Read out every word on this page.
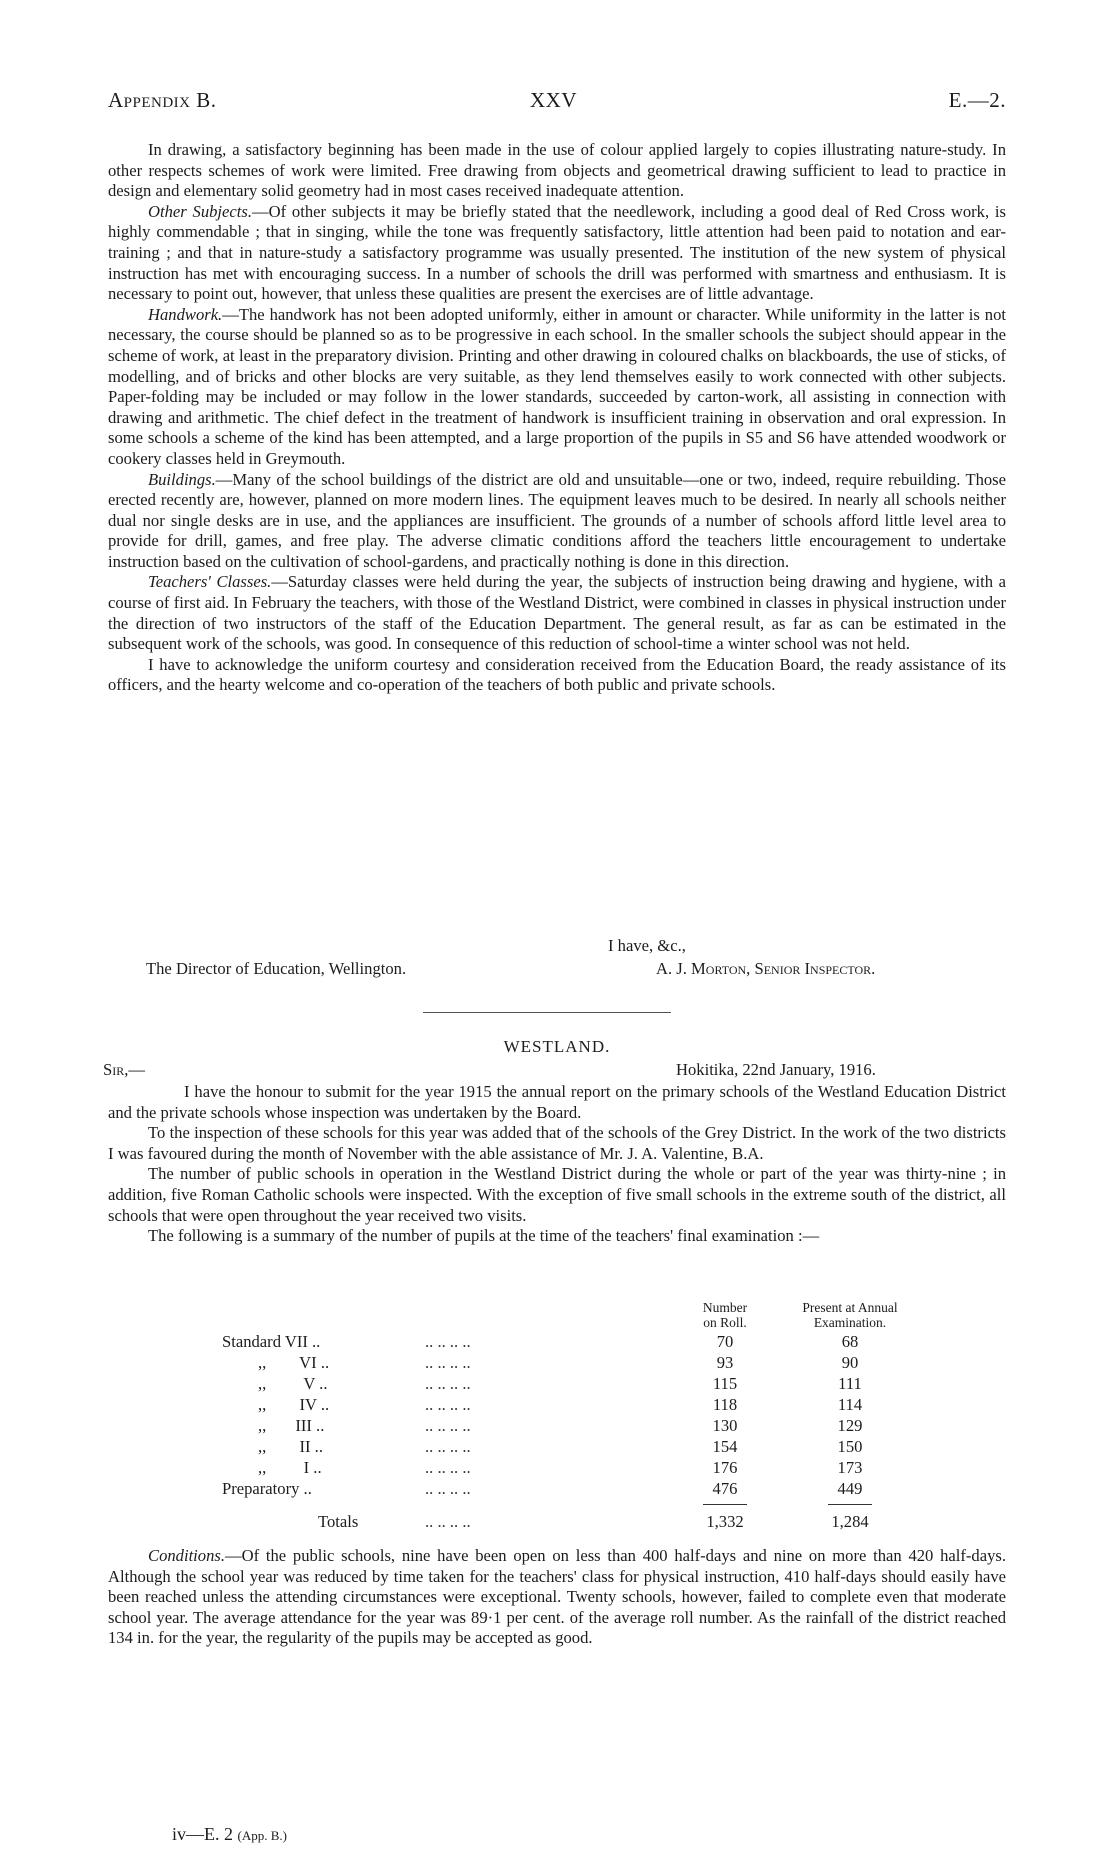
Appendix B.	XXV	E.—2.

In drawing, a satisfactory beginning has been made in the use of colour applied largely to copies illustrating nature-study. In other respects schemes of work were limited. Free drawing from objects and geometrical drawing sufficient to lead to practice in design and elementary solid geometry had in most cases received inadequate attention.

Other Subjects.—Of other subjects it may be briefly stated that the needlework, including a good deal of Red Cross work, is highly commendable ; that in singing, while the tone was frequently satisfactory, little attention had been paid to notation and ear-training ; and that in nature-study a satisfactory programme was usually presented. The institution of the new system of physical instruction has met with encouraging success. In a number of schools the drill was performed with smartness and enthusiasm. It is necessary to point out, however, that unless these qualities are present the exercises are of little advantage.

Handwork.—The handwork has not been adopted uniformly, either in amount or character. While uniformity in the latter is not necessary, the course should be planned so as to be progressive in each school. In the smaller schools the subject should appear in the scheme of work, at least in the preparatory division. Printing and other drawing in coloured chalks on blackboards, the use of sticks, of modelling, and of bricks and other blocks are very suitable, as they lend themselves easily to work connected with other subjects. Paper-folding may be included or may follow in the lower standards, succeeded by carton-work, all assisting in connection with drawing and arithmetic. The chief defect in the treatment of handwork is insufficient training in observation and oral expression. In some schools a scheme of the kind has been attempted, and a large proportion of the pupils in S5 and S6 have attended woodwork or cookery classes held in Greymouth.

Buildings.—Many of the school buildings of the district are old and unsuitable—one or two, indeed, require rebuilding. Those erected recently are, however, planned on more modern lines. The equipment leaves much to be desired. In nearly all schools neither dual nor single desks are in use, and the appliances are insufficient. The grounds of a number of schools afford little level area to provide for drill, games, and free play. The adverse climatic conditions afford the teachers little encouragement to undertake instruction based on the cultivation of school-gardens, and practically nothing is done in this direction.

Teachers' Classes.—Saturday classes were held during the year, the subjects of instruction being drawing and hygiene, with a course of first aid. In February the teachers, with those of the Westland District, were combined in classes in physical instruction under the direction of two instructors of the staff of the Education Department. The general result, as far as can be estimated in the subsequent work of the schools, was good. In consequence of this reduction of school-time a winter school was not held.

I have to acknowledge the uniform courtesy and consideration received from the Education Board, the ready assistance of its officers, and the hearty welcome and co-operation of the teachers of both public and private schools.

I have, &c.,
The Director of Education, Wellington.	A. J. Morton, Senior Inspector.
WESTLAND.
Sir,—	Hokitika, 22nd January, 1916.

I have the honour to submit for the year 1915 the annual report on the primary schools of the Westland Education District and the private schools whose inspection was undertaken by the Board.

To the inspection of these schools for this year was added that of the schools of the Grey District. In the work of the two districts I was favoured during the month of November with the able assistance of Mr. J. A. Valentine, B.A.

The number of public schools in operation in the Westland District during the whole or part of the year was thirty-nine ; in addition, five Roman Catholic schools were inspected. With the exception of five small schools in the extreme south of the district, all schools that were open throughout the year received two visits.

The following is a summary of the number of pupils at the time of the teachers' final examination :—

Number
on Roll.
Present at Annual
Examination.
Standard VII ..	.. .. .. ..	70	68
,,        VI ..	.. .. .. ..	93	90
,,         V ..	.. .. .. ..	115	111
,,        IV ..	.. .. .. ..	118	114
,,       III ..	.. .. .. ..	130	129
,,        II ..	.. .. .. ..	154	150
,,         I ..	.. .. .. ..	176	173
Preparatory ..	.. .. .. ..	476	449
Totals	.. .. .. ..	1,332	1,284

Conditions.—Of the public schools, nine have been open on less than 400 half-days and nine on more than 420 half-days. Although the school year was reduced by time taken for the teachers' class for physical instruction, 410 half-days should easily have been reached unless the attending circumstances were exceptional. Twenty schools, however, failed to complete even that moderate school year. The average attendance for the year was 89·1 per cent. of the average roll number. As the rainfall of the district reached 134 in. for the year, the regularity of the pupils may be accepted as good.

iv—E. 2 (App. B.)
